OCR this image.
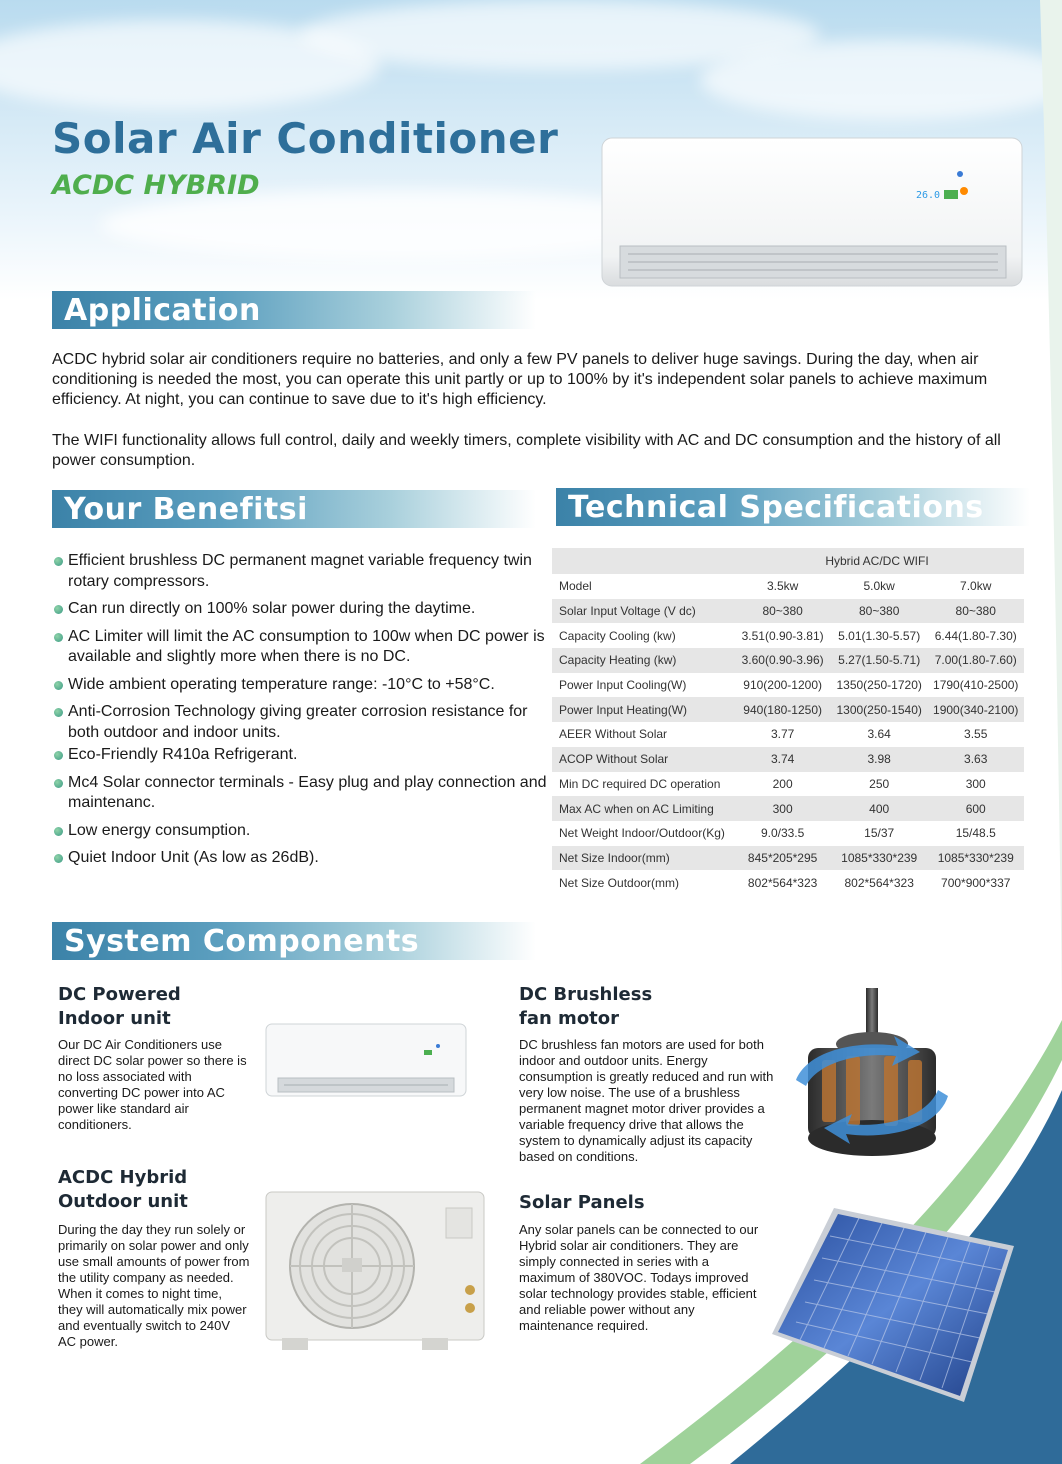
Solar Air Conditioner
ACDC HYBRID	26.0
Application

ACDC hybrid solar air conditioners require no batteries, and only a few PV panels to deliver huge savings. During the day, when air conditioning is needed the most, you can operate this unit partly or up to 100% by it's independent solar panels to achieve maximum efficiency. At night, you can continue to save due to it's high efficiency.

The WIFI functionality allows full control, daily and weekly timers, complete visibility with AC and DC consumption and the history of all power consumption.

Your Benefitsi
Efficient brushless DC permanent magnet variable frequency twin rotary compressors.
Can run directly on 100% solar power during the daytime.
AC Limiter will limit the AC consumption to 100w when DC power is available and slightly more when there is no DC.
Wide ambient operating temperature range: -10°C to +58°C.
Anti-Corrosion Technology giving greater corrosion resistance for both outdoor and indoor units.
Eco-Friendly R410a Refrigerant.
Mc4 Solar connector terminals - Easy plug and play connection and maintenanc.
Low energy consumption.
Quiet Indoor Unit (As low as 26dB).
Technical Specifications
Hybrid AC/DC WIFI
Model	3.5kw	5.0kw	7.0kw
Solar Input Voltage (V dc)	80~380	80~380	80~380
Capacity Cooling (kw)	3.51(0.90-3.81)	5.01(1.30-5.57)	6.44(1.80-7.30)
Capacity Heating (kw)	3.60(0.90-3.96)	5.27(1.50-5.71)	7.00(1.80-7.60)
Power Input Cooling(W)	910(200-1200)	1350(250-1720) 1790(410-2500)
Power Input Heating(W)	940(180-1250)	1300(250-1540) 1900(340-2100)
AEER Without Solar	3.77	3.64	3.55
ACOP Without Solar	3.74	3.98	3.63
Min DC required DC operation	200	250	300
Max AC when on AC Limiting	300	400	600
Net Weight Indoor/Outdoor(Kg)	9.0/33.5	15/37	15/48.5
Net Size Indoor(mm)	845*205*295	1085*330*239	1085*330*239
Net Size Outdoor(mm)	802*564*323	802*564*323	700*900*337
System Components
DC Powered
Indoor unit

Our DC Air Conditioners use direct DC solar power so there is no loss associated with converting DC power into AC power like standard air conditioners.

ACDC Hybrid
Outdoor unit

During the day they run solely or primarily on solar power and only use small amounts of power from the utility company as needed. When it comes to night time, they will automatically mix power and eventually switch to 240V AC power.

DC Brushless
fan motor

DC brushless fan motors are used for both indoor and outdoor units. Energy consumption is greatly reduced and run with very low noise. The use of a brushless permanent magnet motor driver provides a variable frequency drive that allows the system to dynamically adjust its capacity based on conditions.

Solar Panels

Any solar panels can be connected to our Hybrid solar air conditioners. They are simply connected in series with a maximum of 380VOC. Todays improved solar technology provides stable, efficient and reliable power without any maintenance required.
